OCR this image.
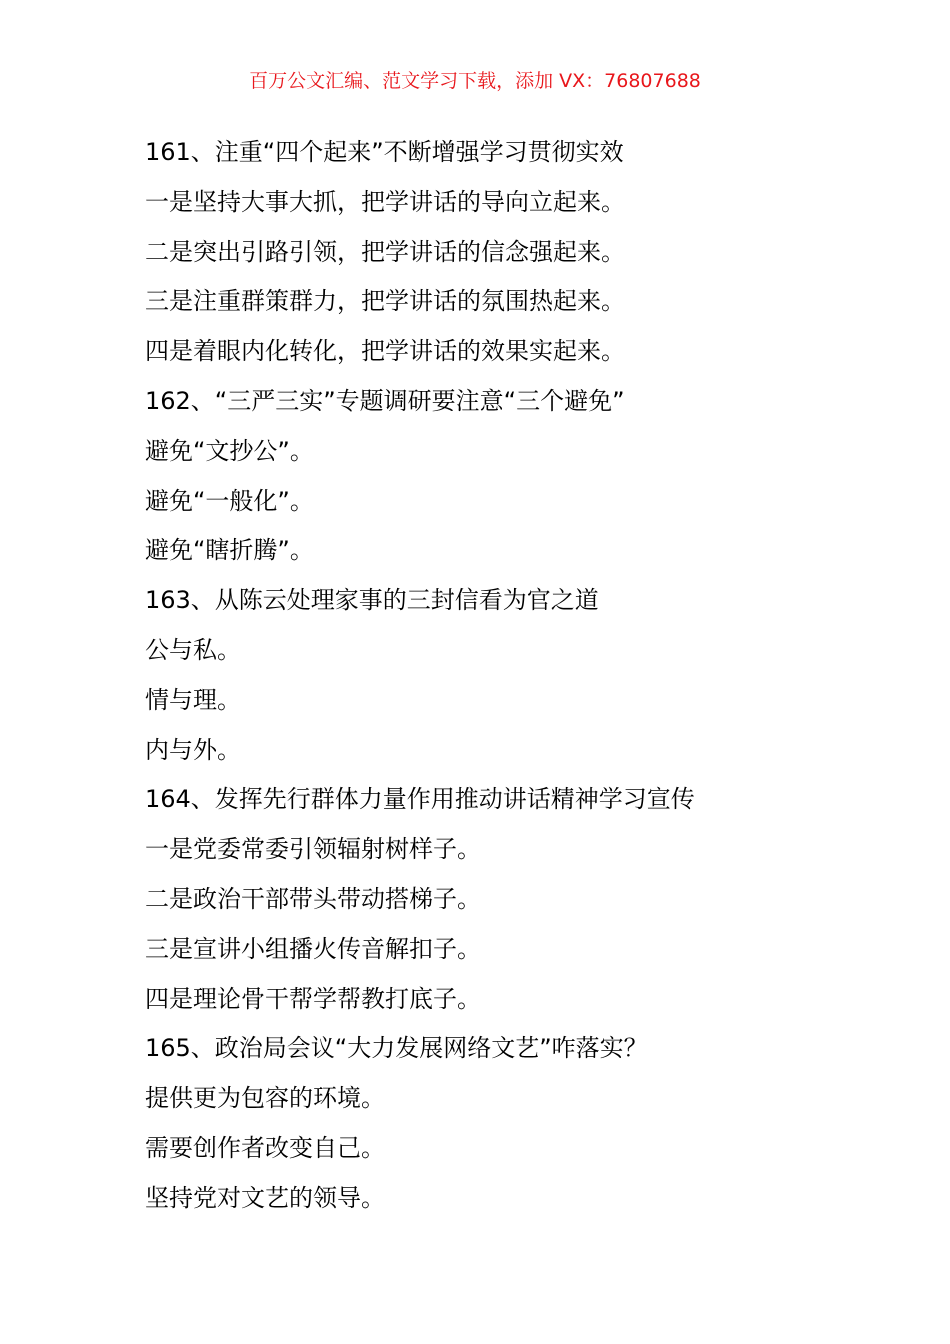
百万公文汇编、范文学习下载，添加 VX：76807688
161、注重“四个起来”不断增强学习贯彻实效
一是坚持大事大抓，把学讲话的导向立起来。
二是突出引路引领，把学讲话的信念强起来。
三是注重群策群力，把学讲话的氛围热起来。
四是着眼内化转化，把学讲话的效果实起来。
162、“三严三实”专题调研要注意“三个避免”
避免“文抄公”。
避免“一般化”。
避免“瞎折腾”。
163、从陈云处理家事的三封信看为官之道
公与私。
情与理。
内与外。
164、发挥先行群体力量作用推动讲话精神学习宣传
一是党委常委引领辐射树样子。
二是政治干部带头带动搭梯子。
三是宣讲小组播火传音解扣子。
四是理论骨干帮学帮教打底子。
165、政治局会议“大力发展网络文艺”咋落实？
提供更为包容的环境。
需要创作者改变自己。
坚持党对文艺的领导。
